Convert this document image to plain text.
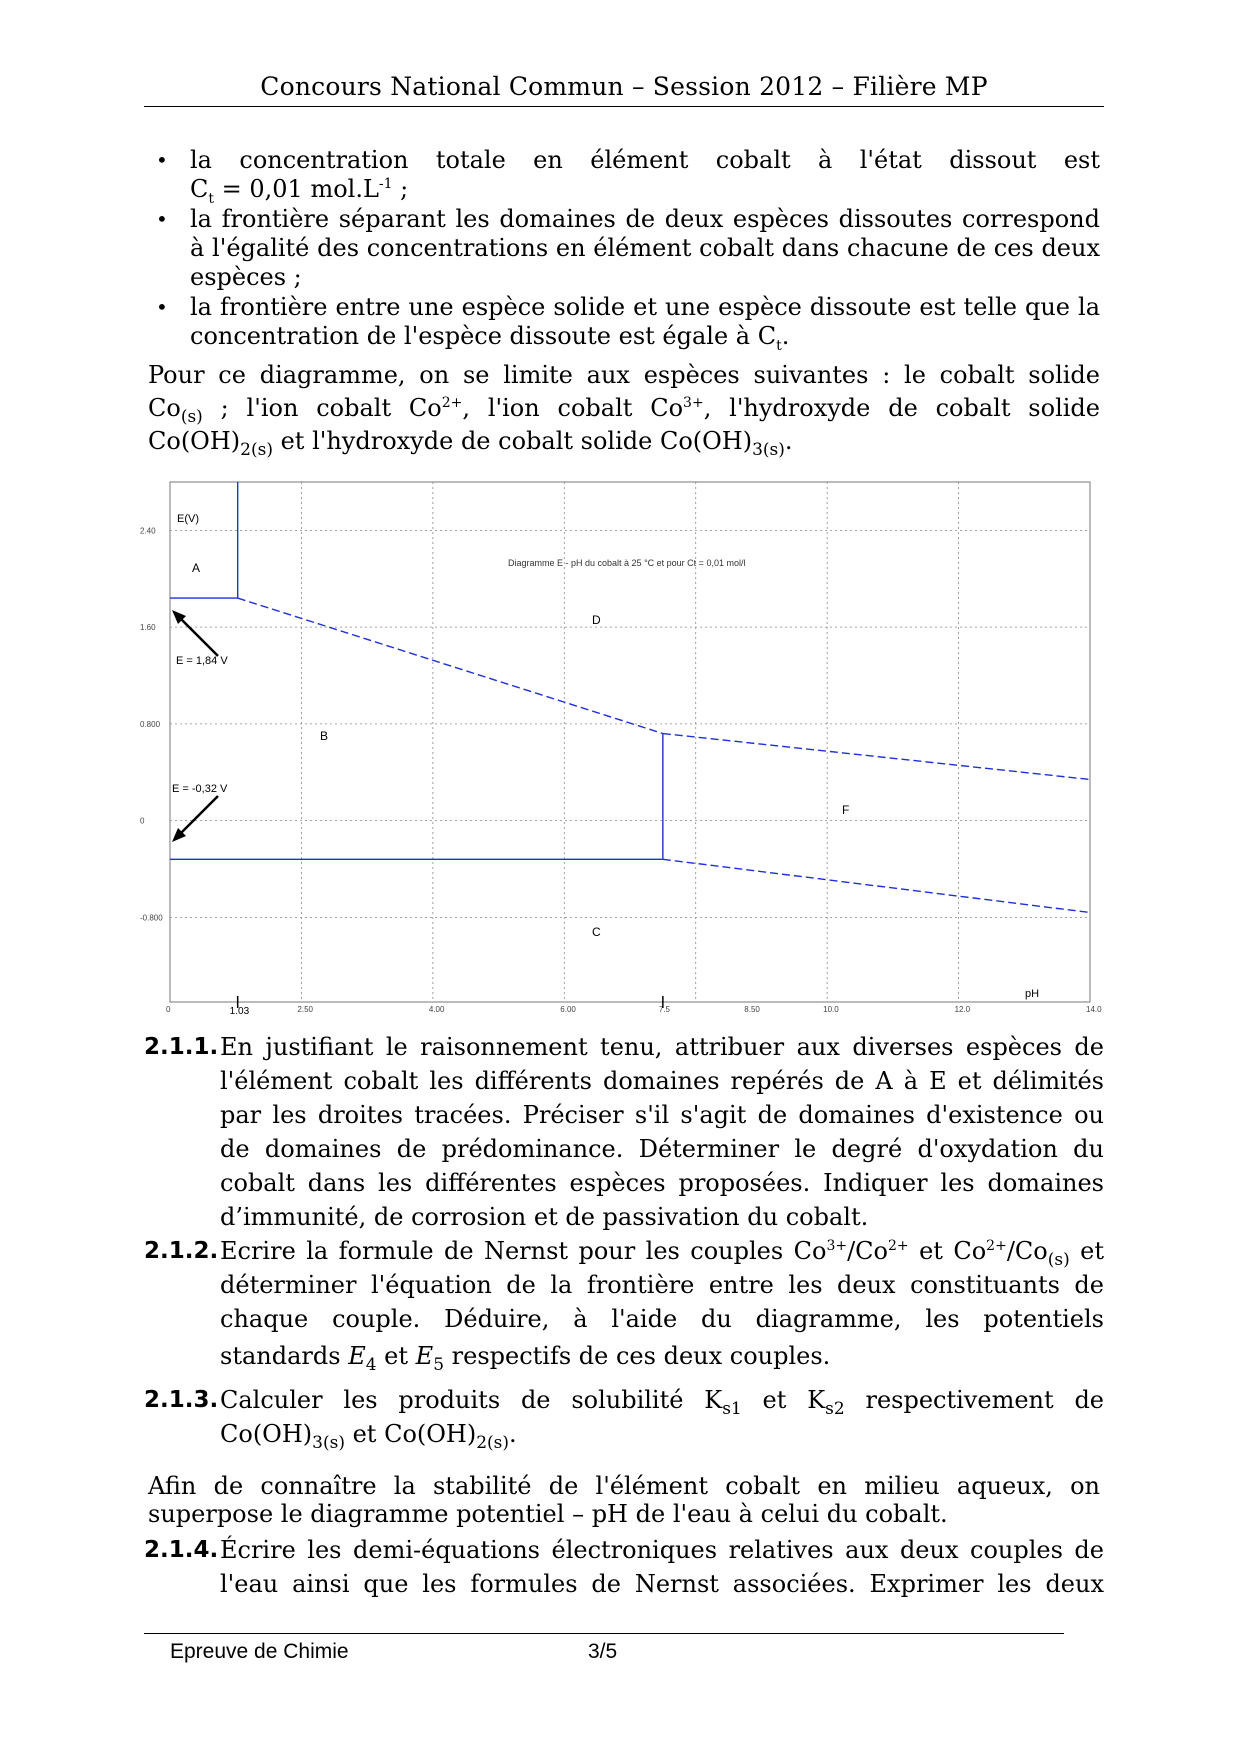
Concours National Commun – Session 2012 – Filière MP
• la concentration totale en élément cobalt à l'état dissout est
$C_t = 0,01$ $mol.L^{-1}$ ;
• la frontière séparant les domaines de deux espèces dissoutes correspond à l'égalité des concentrations en élément cobalt dans chacune de ces deux espèces ;
• la frontière entre une espèce solide et une espèce dissoute est telle que la concentration de l'espèce dissoute est égale à $C_t$.
Pour ce diagramme, on se limite aux espèces suivantes : le cobalt solide
$Co_{(s)}$ ; l'ion cobalt $Co^{2+}$, l'ion cobalt $Co^{3+}$, l'hydroxyde de cobalt solide
$Co(OH)_{2(s)}$ et l'hydroxyde de cobalt solide $Co(OH)_{3(s)}$.
2.40
1.60
0.800
0
-0.800
0	2.50	4.00	6.00	7.5	8.50	10.0	12.0	14.0
1.03
E(V)
pH
Diagramme E - pH du cobalt à 25 °C et pour Ct = 0,01 mol/l
A
B
C
D
F
E = 1,84 V
E = -0,32 V
2.1.1. En justifiant le raisonnement tenu, attribuer aux diverses espèces de
l'élément cobalt les différents domaines repérés de A à E et délimités
par les droites tracées. Préciser s'il s'agit de domaines d'existence ou
de domaines de prédominance. Déterminer le degré d'oxydation du
cobalt dans les différentes espèces proposées. Indiquer les domaines
d’immunité, de corrosion et de passivation du cobalt.
2.1.2. Ecrire la formule de Nernst pour les couples $Co^{3+}/Co^{2+}$ et $Co^{2+}/Co_{(s)}$ et
déterminer l'équation de la frontière entre les deux constituants de
chaque couple. Déduire, à l'aide du diagramme, les potentiels
standards $E_4$ et $E_5$ respectifs de ces deux couples.
2.1.3. Calculer les produits de solubilité $K_{s1}$ et $K_{s2}$ respectivement de
$Co(OH)_{3(s)}$ et $Co(OH)_{2(s)}$.
Afin de connaître la stabilité de l'élément cobalt en milieu aqueux, on
superpose le diagramme potentiel – pH de l'eau à celui du cobalt.
2.1.4. Écrire les demi-équations électroniques relatives aux deux couples de
l'eau ainsi que les formules de Nernst associées. Exprimer les deux
Epreuve de Chimie	3/5
